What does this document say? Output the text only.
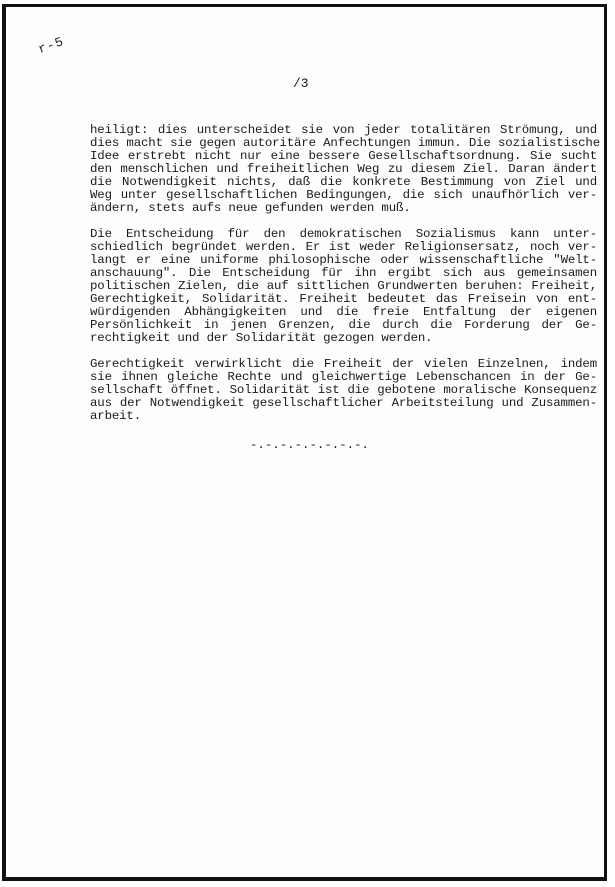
r-5
/3
heiligt: dies unterscheidet sie von jeder totalitären Strömung, und
dies macht sie gegen autoritäre Anfechtungen immun. Die sozialistische
Idee erstrebt nicht nur eine bessere Gesellschaftsordnung. Sie sucht
den menschlichen und freiheitlichen Weg zu diesem Ziel. Daran ändert
die Notwendigkeit nichts, daß die konkrete Bestimmung von Ziel und
Weg unter gesellschaftlichen Bedingungen, die sich unaufhörlich ver-
ändern, stets aufs neue gefunden werden muß.
Die Entscheidung für den demokratischen Sozialismus kann unter-
schiedlich begründet werden. Er ist weder Religionsersatz, noch ver-
langt er eine uniforme philosophische oder wissenschaftliche "Welt-
anschauung". Die Entscheidung für ihn ergibt sich aus gemeinsamen
politischen Zielen, die auf sittlichen Grundwerten beruhen: Freiheit,
Gerechtigkeit, Solidarität. Freiheit bedeutet das Freisein von ent-
würdigenden Abhängigkeiten und die freie Entfaltung der eigenen
Persönlichkeit in jenen Grenzen, die durch die Forderung der Ge-
rechtigkeit und der Solidarität gezogen werden.
Gerechtigkeit verwirklicht die Freiheit der vielen Einzelnen, indem
sie ihnen gleiche Rechte und gleichwertige Lebenschancen in der Ge-
sellschaft öffnet. Solidarität ist die gebotene moralische Konsequenz
aus der Notwendigkeit gesellschaftlicher Arbeitsteilung und Zusammen-
arbeit.
-.-.-.-.-.-.-.-.
